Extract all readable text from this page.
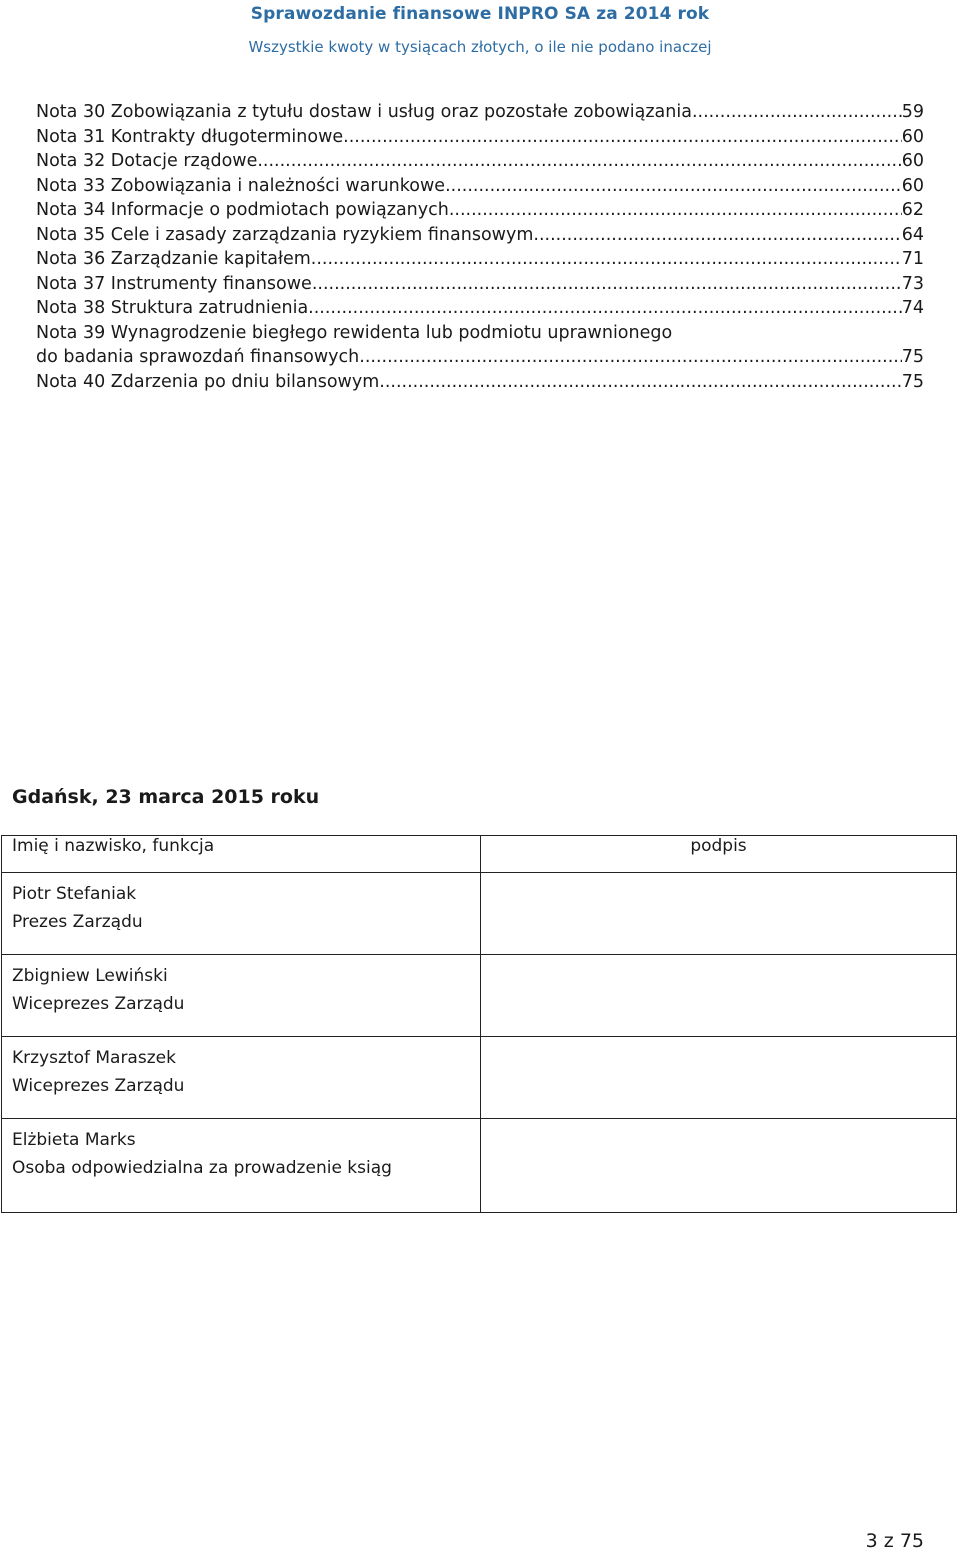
Sprawozdanie finansowe INPRO SA za 2014 rok
Wszystkie kwoty w tysiącach złotych, o ile nie podano inaczej
Nota 30 Zobowiązania z tytułu dostaw i usług oraz pozostałe zobowiązania .....	59
Nota 31 Kontrakty długoterminowe .....	60
Nota 32 Dotacje rządowe .....	60
Nota 33 Zobowiązania i należności warunkowe .....	60
Nota 34 Informacje o podmiotach powiązanych .....	62
Nota 35 Cele i zasady zarządzania ryzykiem finansowym .....	64
Nota 36 Zarządzanie kapitałem .....	71
Nota 37 Instrumenty finansowe .....	73
Nota 38 Struktura zatrudnienia .....	74
Nota 39 Wynagrodzenie biegłego rewidenta lub podmiotu uprawnionego
do badania sprawozdań finansowych .....	75
Nota 40 Zdarzenia po dniu bilansowym .....	75
Gdańsk, 23 marca 2015 roku
Imię i nazwisko, funkcja	podpis

Piotr Stefaniak
Prezes Zarządu	

Zbigniew Lewiński
Wiceprezes Zarządu	

Krzysztof Maraszek
Wiceprezes Zarządu	

Elżbieta Marks
Osoba odpowiedzialna za prowadzenie ksiąg	

3 z 75
